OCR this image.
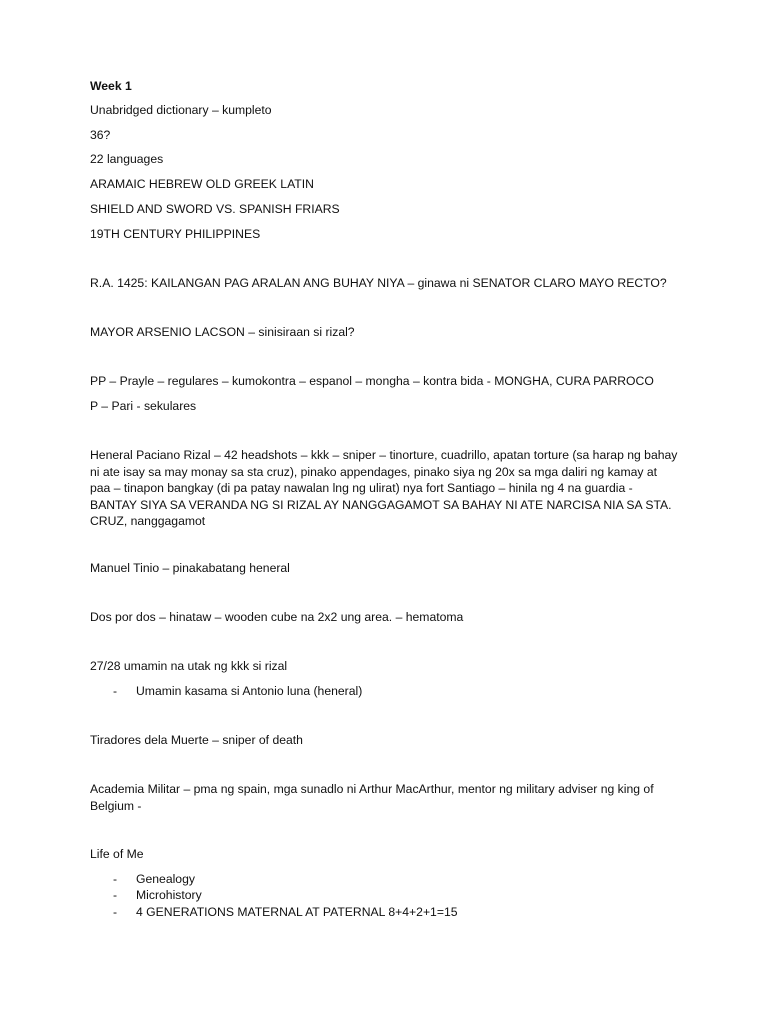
Week 1
Unabridged dictionary – kumpleto
36?
22 languages
ARAMAIC HEBREW OLD GREEK LATIN
SHIELD AND SWORD VS. SPANISH FRIARS
19TH CENTURY PHILIPPINES
R.A. 1425: KAILANGAN PAG ARALAN ANG BUHAY NIYA – ginawa ni SENATOR CLARO MAYO RECTO?
MAYOR ARSENIO LACSON – sinisiraan si rizal?
PP – Prayle – regulares – kumokontra – espanol – mongha – kontra bida - MONGHA, CURA PARROCO
P – Pari - sekulares
Heneral Paciano Rizal – 42 headshots – kkk – sniper – tinorture, cuadrillo, apatan torture (sa harap ng bahay ni ate isay sa may monay sa sta cruz), pinako appendages, pinako siya ng 20x sa mga daliri ng kamay at paa – tinapon bangkay (di pa patay nawalan lng ng ulirat) nya fort Santiago – hinila ng 4 na guardia - BANTAY SIYA SA VERANDA NG SI RIZAL AY NANGGAGAMOT SA BAHAY NI ATE NARCISA NIA SA STA. CRUZ, nanggagamot
Manuel Tinio – pinakabatang heneral
Dos por dos – hinataw – wooden cube na 2x2 ung area. – hematoma
27/28 umamin na utak ng kkk si rizal
- Umamin kasama si Antonio luna (heneral)
Tiradores dela Muerte – sniper of death
Academia Militar – pma ng spain, mga sunadlo ni Arthur MacArthur, mentor ng military adviser ng king of Belgium -
Life of Me
- Genealogy
- Microhistory
- 4 GENERATIONS MATERNAL AT PATERNAL 8+4+2+1=15
